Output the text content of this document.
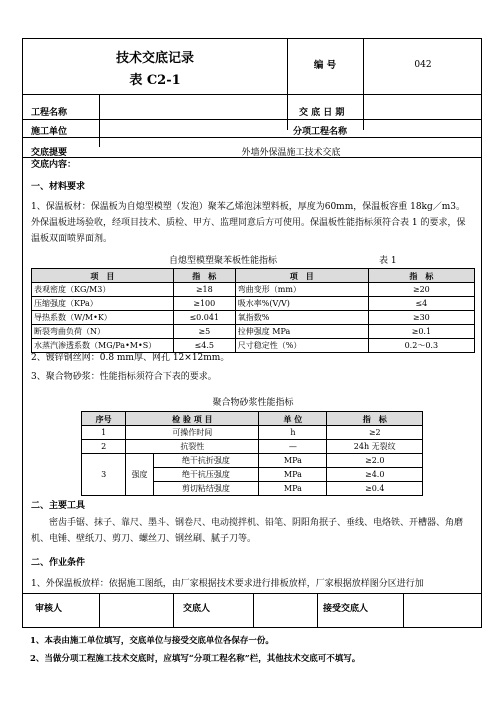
技术交底记录
表 C2-1
编 号	042
工程名称	交 底 日 期
施工单位	分项工程名称
交底提要	外墙外保温施工技术交底
交底内容：
一、材料要求
1、保温板材：保温板为自熄型模塑（发泡）聚苯乙烯泡沫塑料板，厚度为60mm，保温板容重 18kg／m3。外保温板进场验收，经项目技术、质检、甲方、监理同意后方可使用。保温板性能指标须符合表 1 的要求，保温板双面喷界面剂。
自熄型模塑聚苯板性能指标	表 1
项　目	指　标	项　目	指　标
表观密度（KG/M3）	≥18	弯曲变形（mm）	≥20
压缩强度（KPa）	≥100	吸水率%(V/V)	≤4
导热系数（W/M•K）	≤0.041	氧指数%	≥30
断裂弯曲负荷（N）	≥5	拉伸强度 MPa	≥0.1
水蒸汽渗透系数（MG/Pa•M•S）	≤4.5	尺寸稳定性（%）	0.2～0.3
2、镀锌钢丝网：0.8 mm厚、网孔 12×12mm。
3、聚合物砂浆：性能指标须符合下表的要求。
聚合物砂浆性能指标
序号	检 验 项 目		单 位	指　标
1	可操作时间		h	≥2
2	抗裂性		—	24h 无裂纹
3	强度	绝干抗折强度	MPa	≥2.0
		绝干抗压强度	MPa	≥4.0
		剪切粘结强度	MPa	≥0.4
二、主要工具
密齿手锯、抹子、靠尺、墨斗、钢卷尺、电动搅拌机、铅笔、阴阳角抿子、垂线、电烙铁、开槽器、角磨机、电锤、壁纸刀、剪刀、螺丝刀、钢丝刷、腻子刀等。
二、作业条件
1、外保温板放样：依据施工图纸，由厂家根据技术要求进行排板放样，厂家根据放样图分区进行加
审核人	交底人	接受交底人
1、本表由施工单位填写，交底单位与接受交底单位各保存一份。
2、当做分项工程施工技术交底时，应填写“分项工程名称”栏，其他技术交底可不填写。
